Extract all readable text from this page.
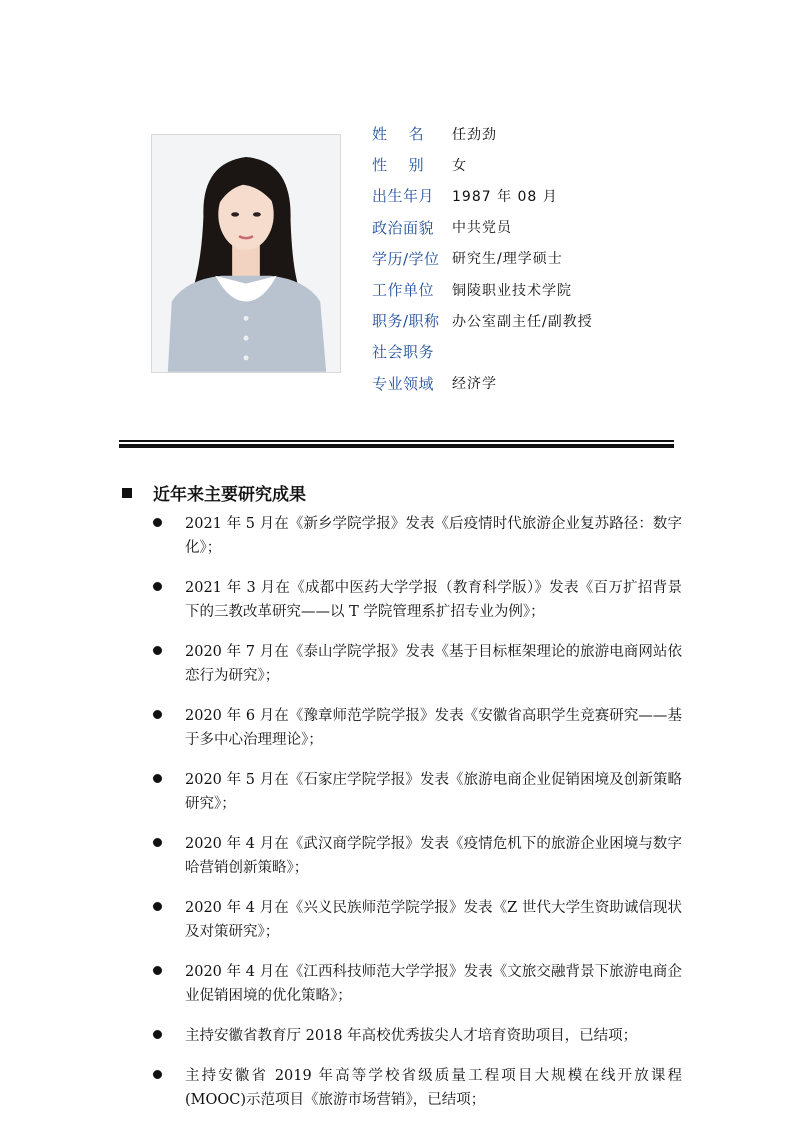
姓    名	任劲劲
性    别	女
出生年月	1987 年 08 月
政治面貌	中共党员
学历/学位 研究生/理学硕士
工作单位	铜陵职业技术学院
职务/职称 办公室副主任/副教授
社会职务
专业领域	经济学
近年来主要研究成果
2021 年 5 月在《新乡学院学报》发表《后疫情时代旅游企业复苏路径：数字化》；
2021 年 3 月在《成都中医药大学学报（教育科学版）》发表《百万扩招背景下的三教改革研究——以 T 学院管理系扩招专业为例》；
2020 年 7 月在《泰山学院学报》发表《基于目标框架理论的旅游电商网站依恋行为研究》；
2020 年 6 月在《豫章师范学院学报》发表《安徽省高职学生竞赛研究——基于多中心治理理论》；
2020 年 5 月在《石家庄学院学报》发表《旅游电商企业促销困境及创新策略研究》；
2020 年 4 月在《武汉商学院学报》发表《疫情危机下的旅游企业困境与数字哈营销创新策略》；
2020 年 4 月在《兴义民族师范学院学报》发表《Z 世代大学生资助诚信现状及对策研究》；
2020 年 4 月在《江西科技师范大学学报》发表《文旅交融背景下旅游电商企业促销困境的优化策略》；
主持安徽省教育厅 2018 年高校优秀拔尖人才培育资助项目，已结项；
主持安徽省 2019 年高等学校省级质量工程项目大规模在线开放课程(MOOC)示范项目《旅游市场营销》，已结项；
